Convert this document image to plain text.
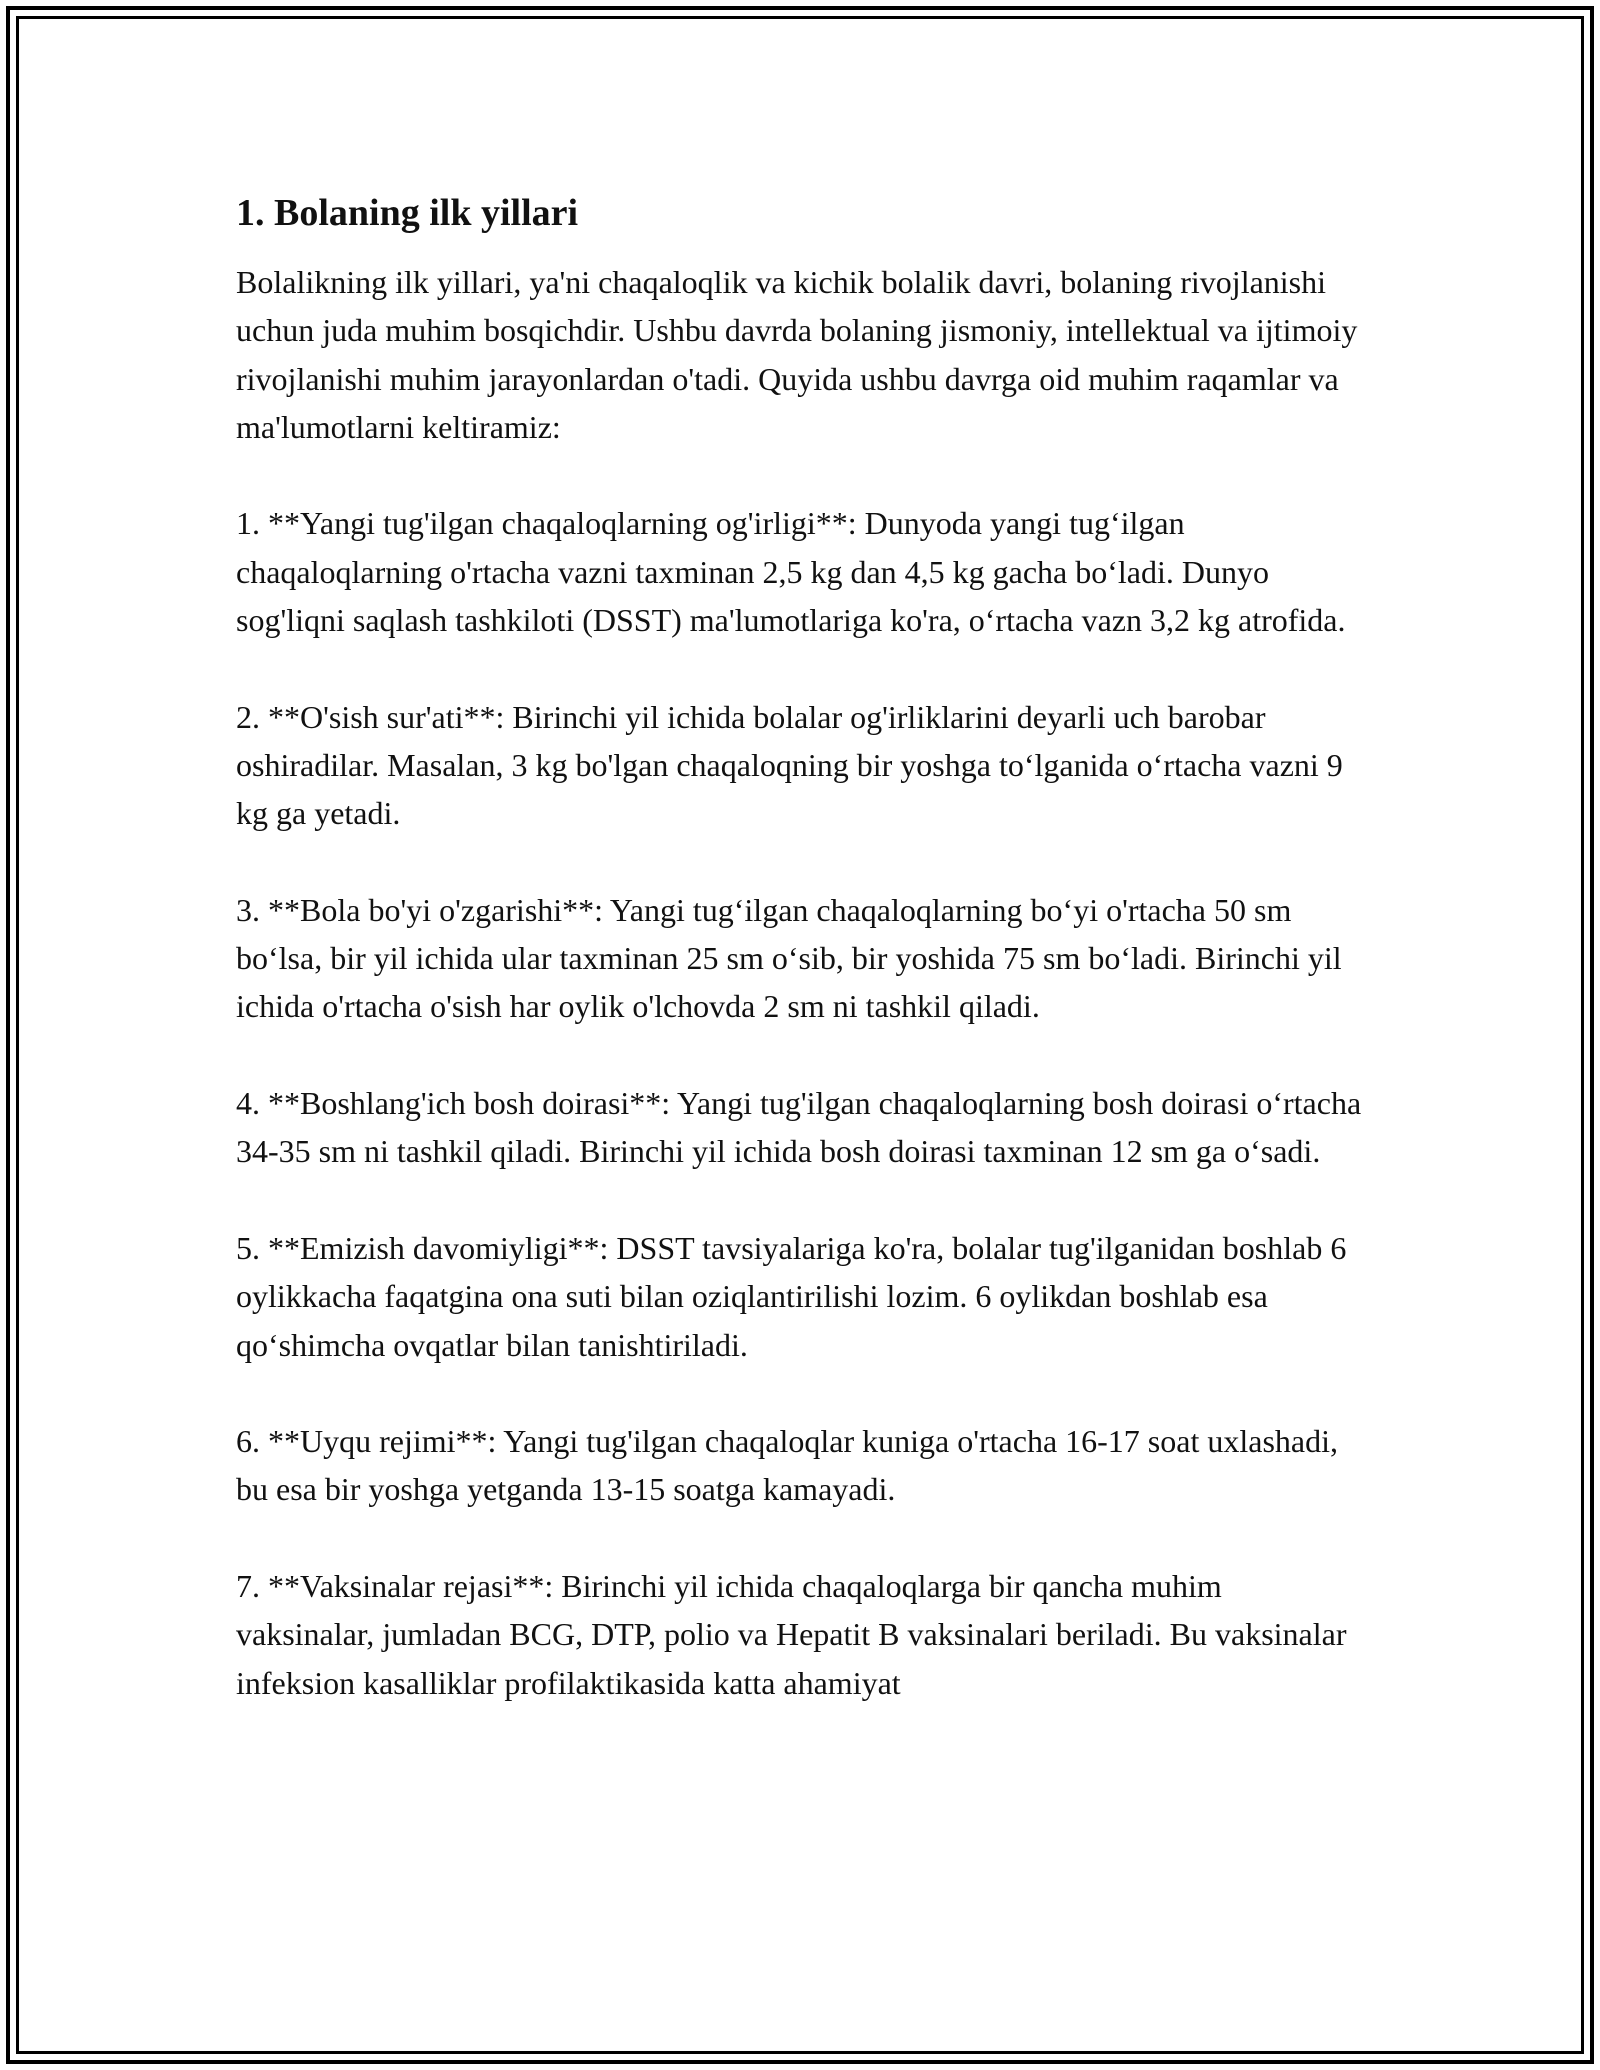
1. Bolaning ilk yillari

Bolalikning ilk yillari, ya'ni chaqaloqlik va kichik bolalik davri, bolaning rivojlanishi uchun juda muhim bosqichdir. Ushbu davrda bolaning jismoniy, intellektual va ijtimoiy rivojlanishi muhim jarayonlardan o'tadi. Quyida ushbu davrga oid muhim raqamlar va ma'lumotlarni keltiramiz:

1. **Yangi tug'ilgan chaqaloqlarning og'irligi**: Dunyoda yangi tug‘ilgan chaqaloqlarning o'rtacha vazni taxminan 2,5 kg dan 4,5 kg gacha bo‘ladi. Dunyo sog'liqni saqlash tashkiloti (DSST) ma'lumotlariga ko'ra, o‘rtacha vazn 3,2 kg atrofida.

2. **O'sish sur'ati**: Birinchi yil ichida bolalar og'irliklarini deyarli uch barobar oshiradilar. Masalan, 3 kg bo'lgan chaqaloqning bir yoshga to‘lganida o‘rtacha vazni 9 kg ga yetadi.

3. **Bola bo'yi o'zgarishi**: Yangi tug‘ilgan chaqaloqlarning bo‘yi o'rtacha 50 sm bo‘lsa, bir yil ichida ular taxminan 25 sm o‘sib, bir yoshida 75 sm bo‘ladi. Birinchi yil ichida o'rtacha o'sish har oylik o'lchovda 2 sm ni tashkil qiladi.

4. **Boshlang'ich bosh doirasi**: Yangi tug'ilgan chaqaloqlarning bosh doirasi o‘rtacha 34-35 sm ni tashkil qiladi. Birinchi yil ichida bosh doirasi taxminan 12 sm ga o‘sadi.

5. **Emizish davomiyligi**: DSST tavsiyalariga ko'ra, bolalar tug'ilganidan boshlab 6 oylikkacha faqatgina ona suti bilan oziqlantirilishi lozim. 6 oylikdan boshlab esa qo‘shimcha ovqatlar bilan tanishtiriladi.

6. **Uyqu rejimi**: Yangi tug'ilgan chaqaloqlar kuniga o'rtacha 16-17 soat uxlashadi, bu esa bir yoshga yetganda 13-15 soatga kamayadi.

7. **Vaksinalar rejasi**: Birinchi yil ichida chaqaloqlarga bir qancha muhim vaksinalar, jumladan BCG, DTP, polio va Hepatit B vaksinalari beriladi. Bu vaksinalar infeksion kasalliklar profilaktikasida katta ahamiyat
